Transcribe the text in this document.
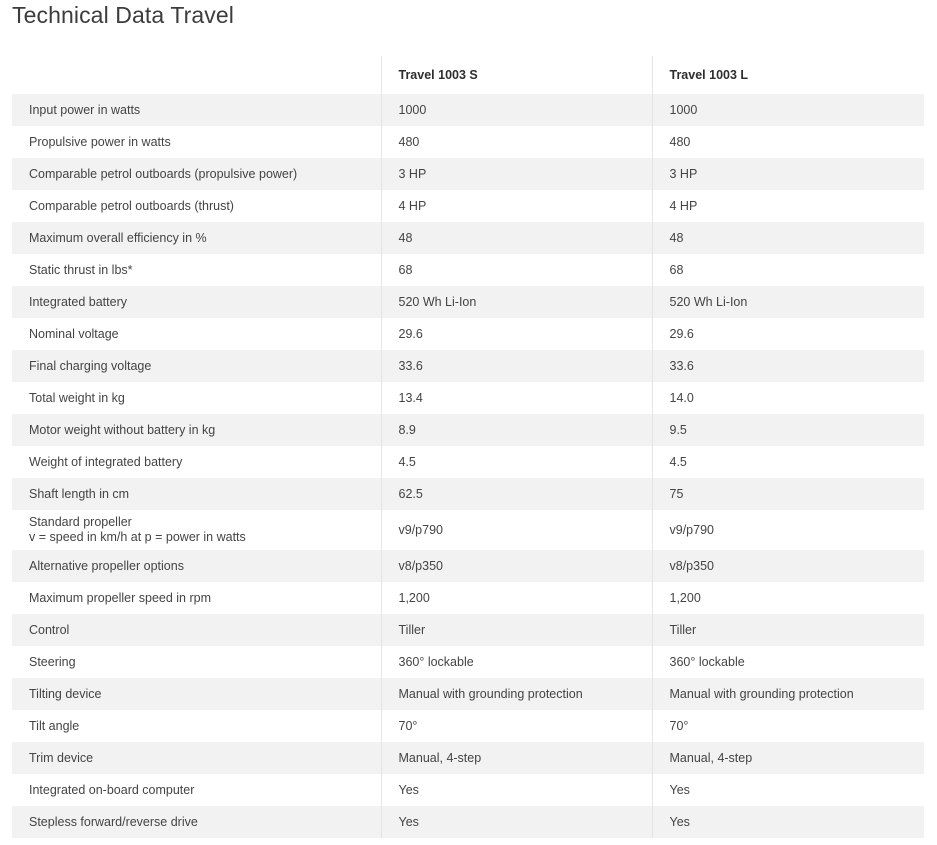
Technical Data Travel
	Travel 1003 S	Travel 1003 L

Input power in watts	1000	1000

Propulsive power in watts	480	480

Comparable petrol outboards (propulsive power)	3 HP	3 HP

Comparable petrol outboards (thrust)	4 HP	4 HP

Maximum overall efficiency in %	48	48

Static thrust in lbs*	68	68

Integrated battery	520 Wh Li-Ion	520 Wh Li-Ion

Nominal voltage	29.6	29.6

Final charging voltage	33.6	33.6

Total weight in kg	13.4	14.0

Motor weight without battery in kg	8.9	9.5

Weight of integrated battery	4.5	4.5

Shaft length in cm	62.5	75

Standard propeller
v = speed in km/h at p = power in watts	v9/p790	v9/p790

Alternative propeller options	v8/p350	v8/p350

Maximum propeller speed in rpm	1,200	1,200

Control	Tiller	Tiller

Steering	360° lockable	360° lockable

Tilting device	Manual with grounding protection	Manual with grounding protection

Tilt angle	70°	70°

Trim device	Manual, 4-step	Manual, 4-step

Integrated on-board computer	Yes	Yes

Stepless forward/reverse drive	Yes	Yes
